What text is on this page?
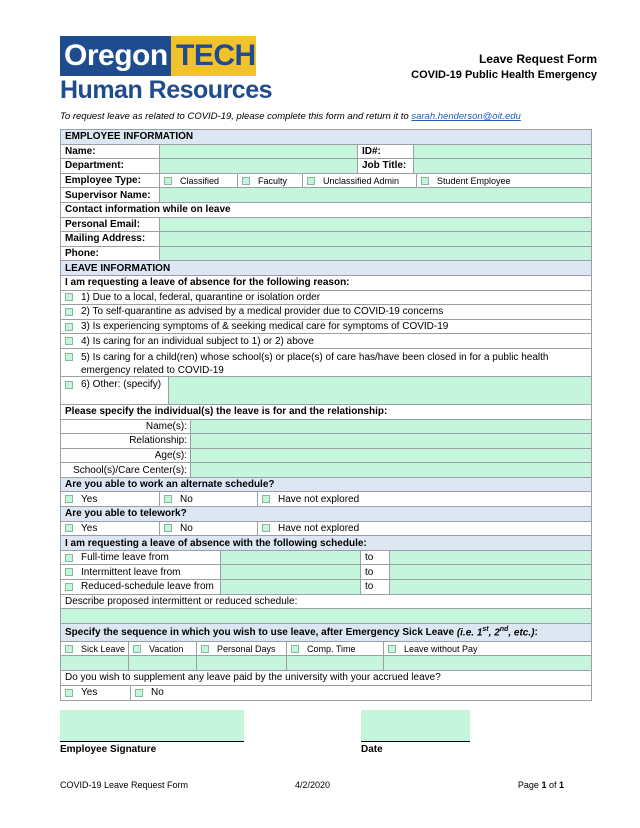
Oregon TECH
Human Resources
Leave Request Form
COVID-19 Public Health Emergency
To request leave as related to COVID-19, please complete this form and return it to sarah.henderson@oit.edu
EMPLOYEE INFORMATION
Name:	ID#:
Department:	Job Title:
Employee Type:	Classified	Faculty	Unclassified Admin	Student Employee
Supervisor Name:
Contact information while on leave
Personal Email:
Mailing Address:
Phone:
LEAVE INFORMATION
I am requesting a leave of absence for the following reason:
1) Due to a local, federal, quarantine or isolation order
2) To self-quarantine as advised by a medical provider due to COVID-19 concerns
3) Is experiencing symptoms of & seeking medical care for symptoms of COVID-19
4) Is caring for an individual subject to 1) or 2) above
5) Is caring for a child(ren) whose school(s) or place(s) of care has/have been closed in for a public health emergency related to COVID-19
6) Other: (specify)
Please specify the individual(s) the leave is for and the relationship:
Name(s):
Relationship:
Age(s):
School(s)/Care Center(s):
Are you able to work an alternate schedule?
Yes	No	Have not explored
Are you able to telework?
Yes	No	Have not explored
I am requesting a leave of absence with the following schedule:
Full-time leave from	to
Intermittent leave from	to
Reduced-schedule leave from	to
Describe proposed intermittent or reduced schedule:
Specify the sequence in which you wish to use leave, after Emergency Sick Leave (i.e. 1st, 2nd, etc.) :
Sick Leave	Vacation	Personal Days	Comp. Time	Leave without Pay
Do you wish to supplement any leave paid by the university with your accrued leave?
Yes	No
Employee Signature	Date
COVID-19 Leave Request Form	4/2/2020	Page 1 of 1
